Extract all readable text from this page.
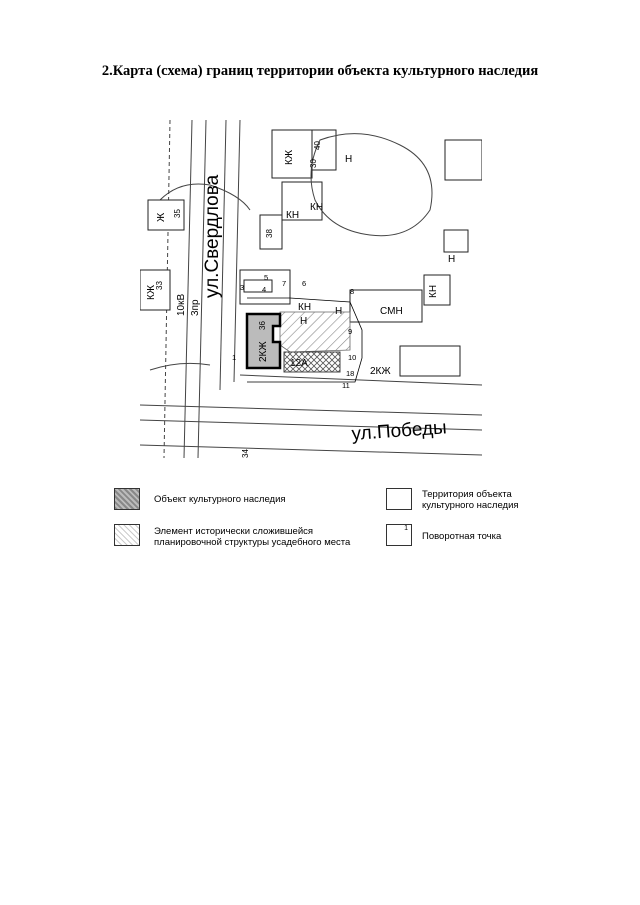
2.Карта (схема) границ территории объекта культурного наследия
ул.Свердлова
ул.Победы
КЖ	Н
КН
КН
Н
КН
КН Н
Н
СМН
Ж
КЖ
2КЖ
2КЖ
12А
10кВ 3пр
40
30
35
38
33
36
34
1
3 4
5
6
7
8
9
10
11
18
Объект культурного наследия	Территория объекта
культурного наследия
Элемент исторически сложившейся
планировочной структуры усадебного места
1
Поворотная точка
